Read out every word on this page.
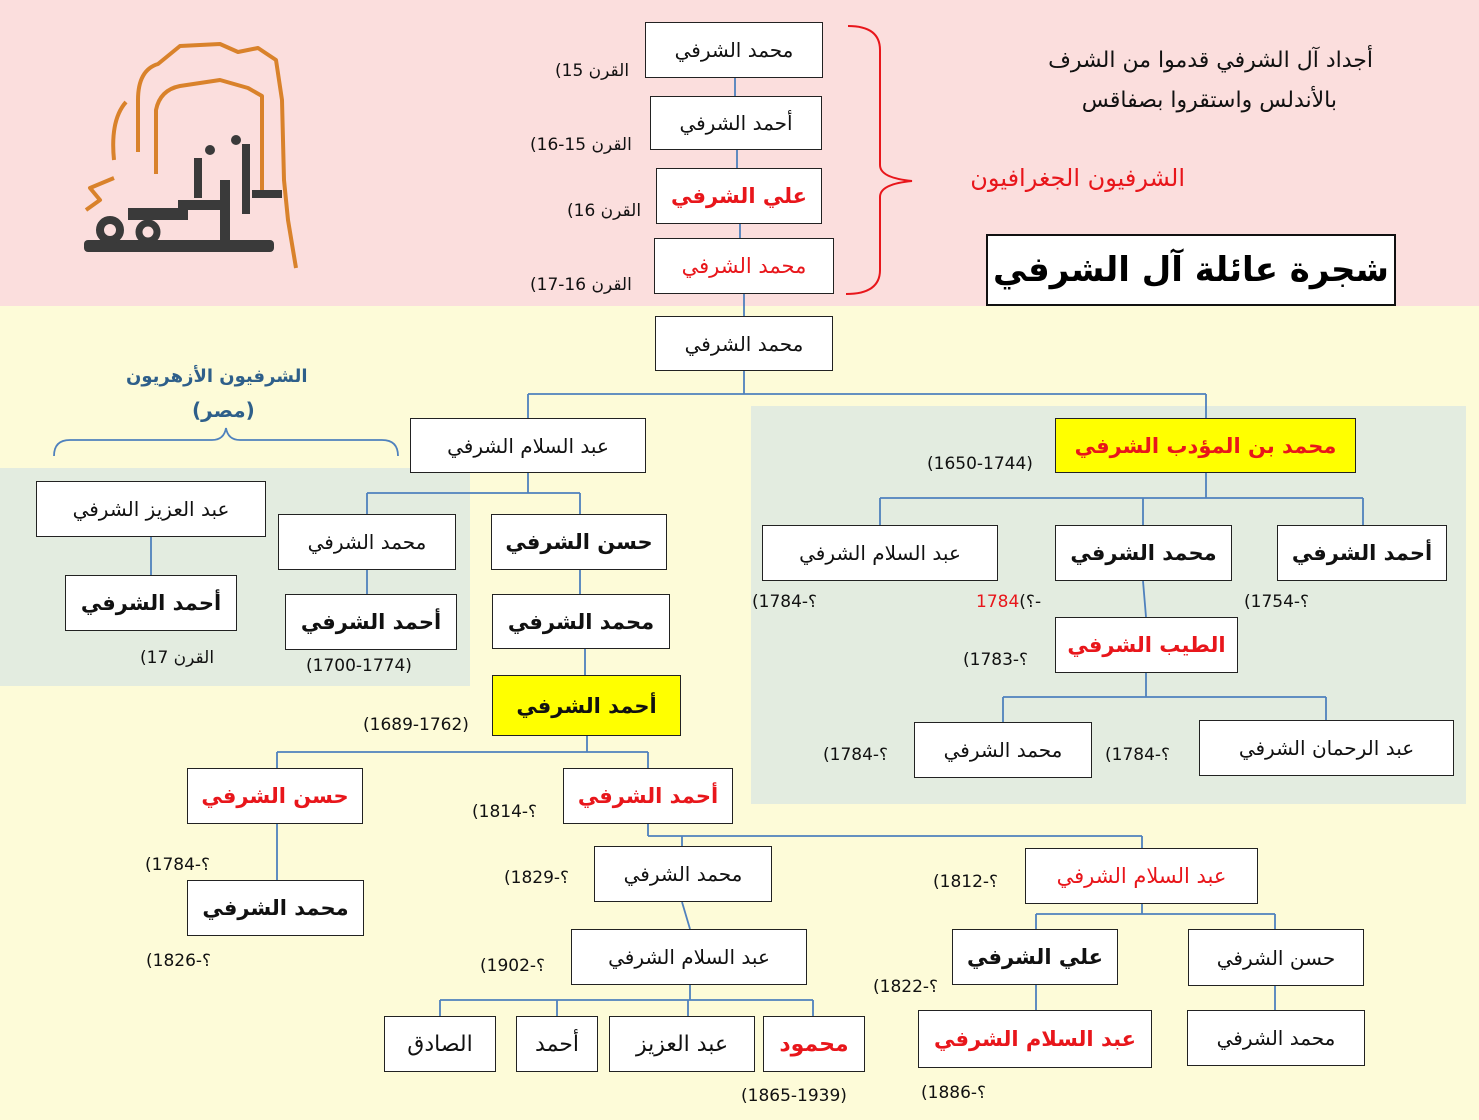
شجرة عائلة آل الشرفي
أجداد آل الشرفي قدموا من الشرف
بالأندلس واستقروا بصفاقس
الشرفيون الجغرافيون
الشرفيون الأزهريون
(مصر)
محمد الشرفي
أحمد الشرفي
علي الشرفي
محمد الشرفي
محمد الشرفي
عبد السلام الشرفي
عبد العزيز الشرفي
أحمد الشرفي
محمد الشرفي
أحمد الشرفي
حسن الشرفي
محمد الشرفي
أحمد الشرفي
حسن الشرفي
محمد الشرفي
أحمد الشرفي
محمد الشرفي
عبد السلام الشرفي
الصادق	أحمد	عبد العزيز	محمود
محمد بن المؤدب الشرفي
عبد السلام الشرفي	محمد الشرفي	أحمد الشرفي
الطيب الشرفي
محمد الشرفي	عبد الرحمان الشرفي
عبد السلام الشرفي
علي الشرفي	حسن الشرفي
عبد السلام الشرفي	محمد الشرفي
(القرن 15
(القرن 15-16
(القرن 16
(القرن 16-17
(القرن 17	(1700-1774)
(1689-1762)
(؟-1784
(؟-1826
(؟-1814
(؟-1829
(؟-1902
(1865-1939)
(1650-1744)
(؟-1784	1784(؟-	(؟-1754
(؟-1783
(؟-1784	(؟-1784
(؟-1812
(؟-1822
(؟-1886
